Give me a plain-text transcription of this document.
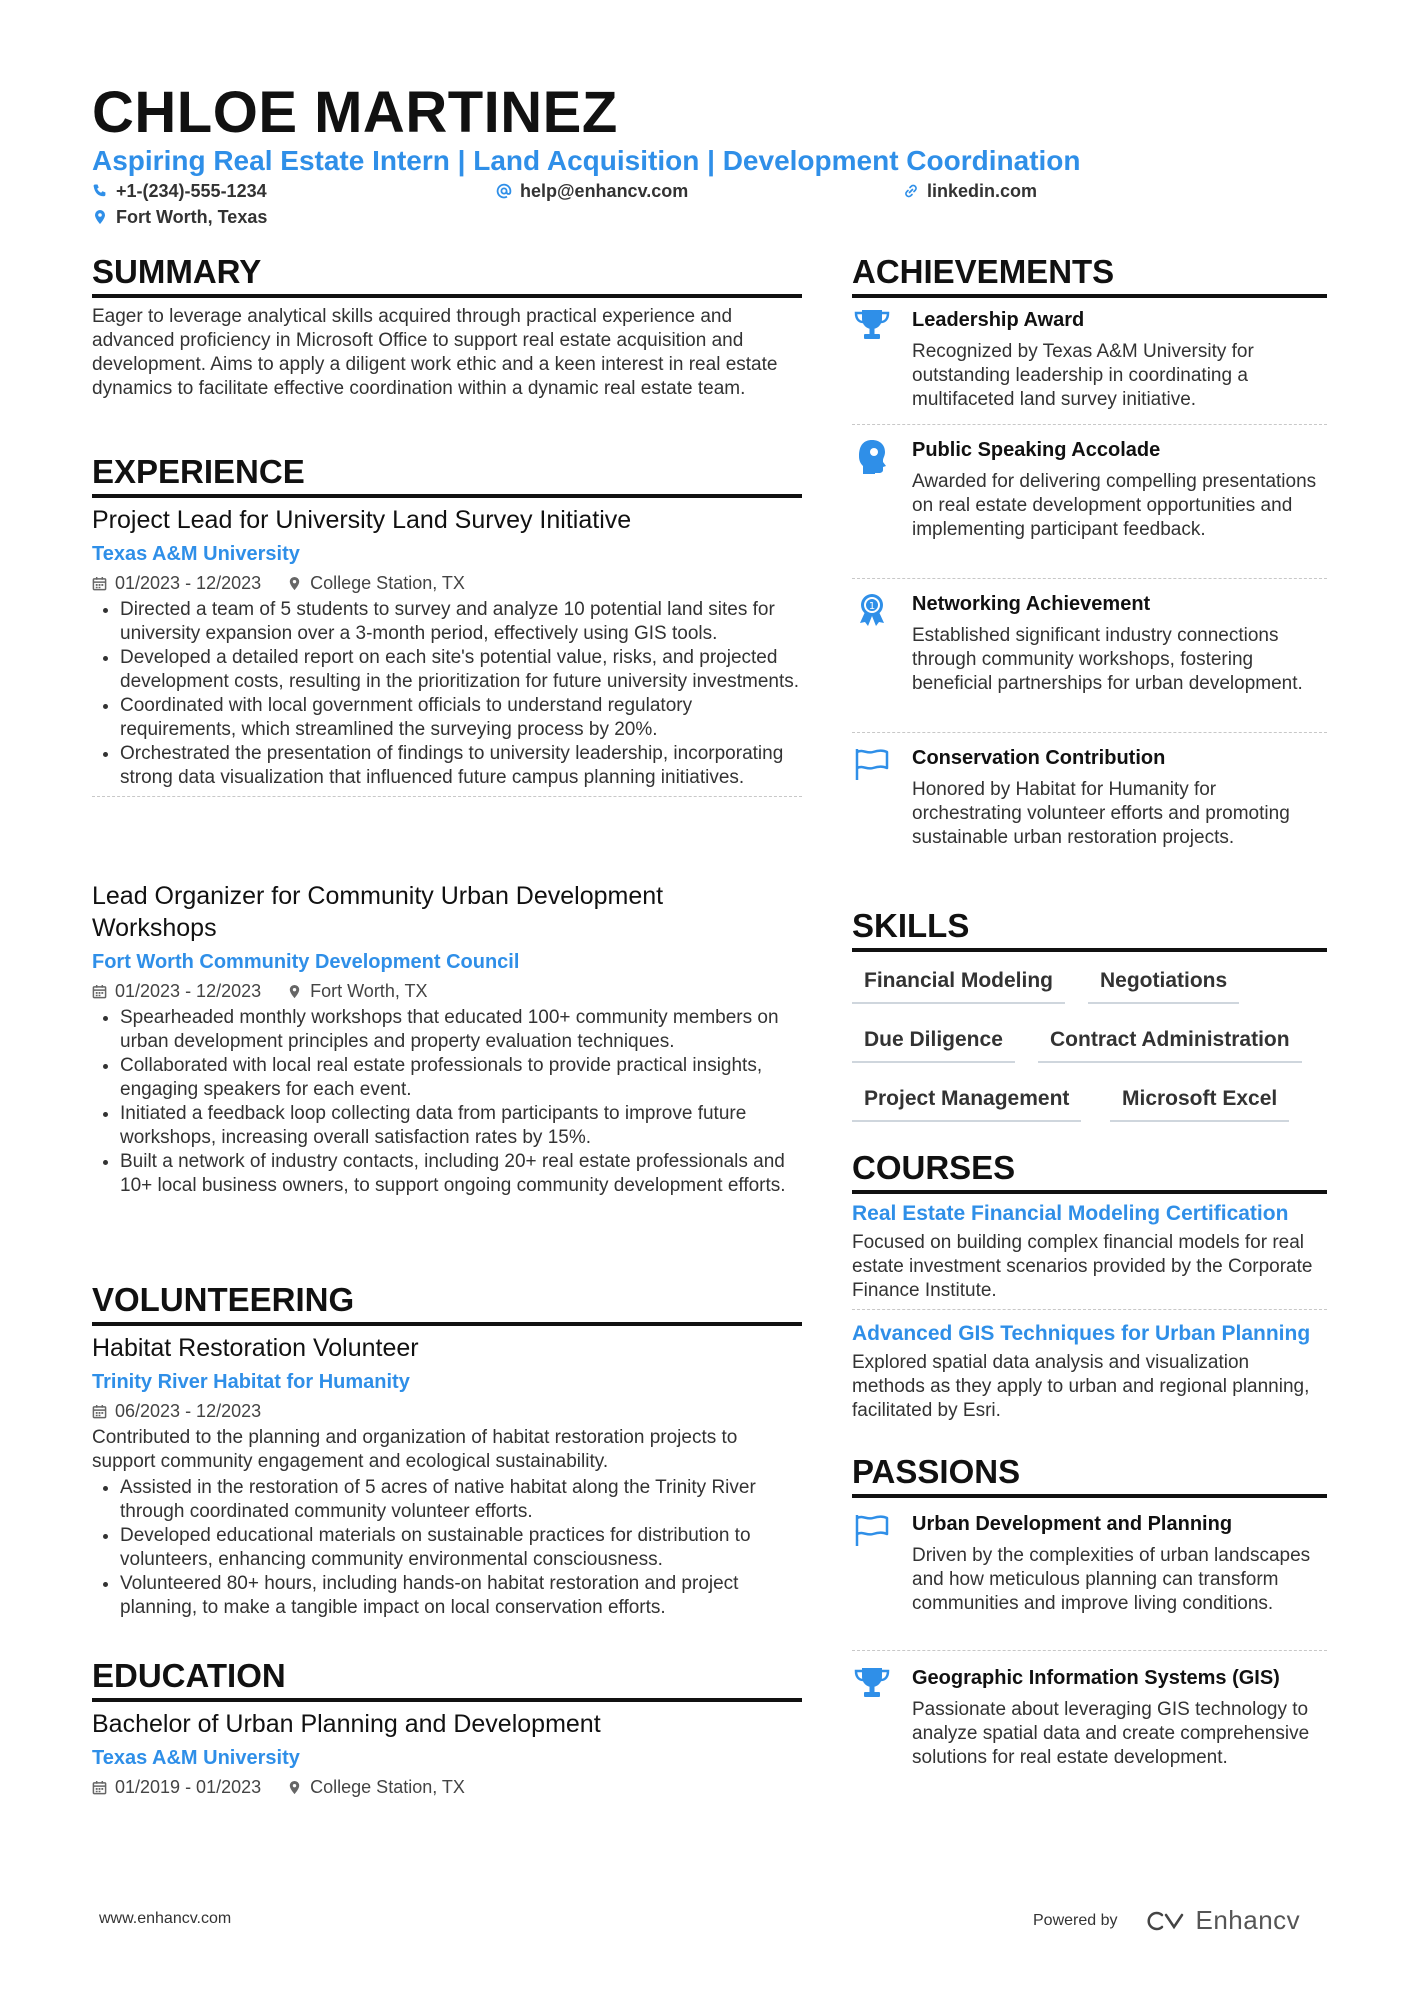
CHLOE MARTINEZ
Aspiring Real Estate Intern | Land Acquisition | Development Coordination
+1-(234)-555-1234	help@enhancv.com	linkedin.com
Fort Worth, Texas
SUMMARY

Eager to leverage analytical skills acquired through practical experience and advanced proficiency in Microsoft Office to support real estate acquisition and development. Aims to apply a diligent work ethic and a keen interest in real estate dynamics to facilitate effective coordination within a dynamic real estate team.

EXPERIENCE

Project Lead for University Land Survey Initiative

Texas A&M University

01/2023 - 12/2023	College Station, TX
• Directed a team of 5 students to survey and analyze 10 potential land sites for university expansion over a 3-month period, effectively using GIS tools.
• Developed a detailed report on each site's potential value, risks, and projected development costs, resulting in the prioritization for future university investments.
• Coordinated with local government officials to understand regulatory requirements, which streamlined the surveying process by 20%.
• Orchestrated the presentation of findings to university leadership, incorporating strong data visualization that influenced future campus planning initiatives.

Lead Organizer for Community Urban Development Workshops

Fort Worth Community Development Council

01/2023 - 12/2023	Fort Worth, TX
• Spearheaded monthly workshops that educated 100+ community members on urban development principles and property evaluation techniques.
• Collaborated with local real estate professionals to provide practical insights, engaging speakers for each event.
• Initiated a feedback loop collecting data from participants to improve future workshops, increasing overall satisfaction rates by 15%.
• Built a network of industry contacts, including 20+ real estate professionals and 10+ local business owners, to support ongoing community development efforts.
VOLUNTEERING

Habitat Restoration Volunteer

Trinity River Habitat for Humanity

06/2023 - 12/2023

Contributed to the planning and organization of habitat restoration projects to support community engagement and ecological sustainability.

• Assisted in the restoration of 5 acres of native habitat along the Trinity River through coordinated community volunteer efforts.
• Developed educational materials on sustainable practices for distribution to volunteers, enhancing community environmental consciousness.
• Volunteered 80+ hours, including hands-on habitat restoration and project planning, to make a tangible impact on local conservation efforts.
EDUCATION

Bachelor of Urban Planning and Development

Texas A&M University

01/2019 - 01/2023	College Station, TX
ACHIEVEMENTS
Leadership Award
Recognized by Texas A&M University for outstanding leadership in coordinating a multifaceted land survey initiative.
Public Speaking Accolade
Awarded for delivering compelling presentations on real estate development opportunities and implementing participant feedback.
1 Networking Achievement
Established significant industry connections through community workshops, fostering beneficial partnerships for urban development.
Conservation Contribution
Honored by Habitat for Humanity for orchestrating volunteer efforts and promoting sustainable urban restoration projects.
SKILLS
Financial Modeling	Negotiations
Due Diligence	Contract Administration
Project Management	Microsoft Excel
COURSES

Real Estate Financial Modeling Certification

Focused on building complex financial models for real estate investment scenarios provided by the Corporate Finance Institute.

Advanced GIS Techniques for Urban Planning

Explored spatial data analysis and visualization methods as they apply to urban and regional planning, facilitated by Esri.

PASSIONS
Urban Development and Planning
Driven by the complexities of urban landscapes and how meticulous planning can transform communities and improve living conditions.
Geographic Information Systems (GIS)
Passionate about leveraging GIS technology to analyze spatial data and create comprehensive solutions for real estate development.
www.enhancv.com	Powered by	Enhancv
